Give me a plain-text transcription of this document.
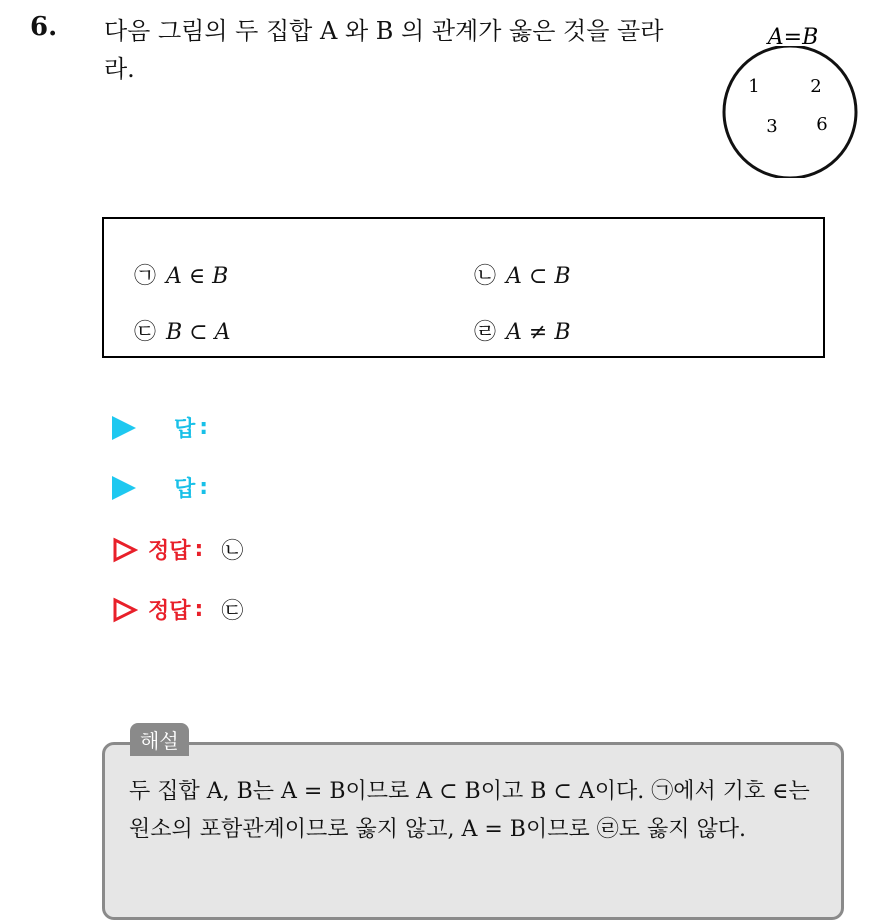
6. 다음 그림의 두 집합 A 와 B 의 관계가 옳은 것을 골라라.
A=B
1	2
3 6
㉠ A ∈ B	㉡ A ⊂ B
㉢ B ⊂ A	㉣ A ≠ B
답 :
답 :
정답 : ㉡
정답 : ㉢
해설
두 집합 A, B는 A = B이므로 A ⊂ B이고 B ⊂ A이다. ㉠에서 기호 ∈는 원소의 포함관계이므로 옳지 않고, A = B이므로 ㉣도 옳지 않다.
